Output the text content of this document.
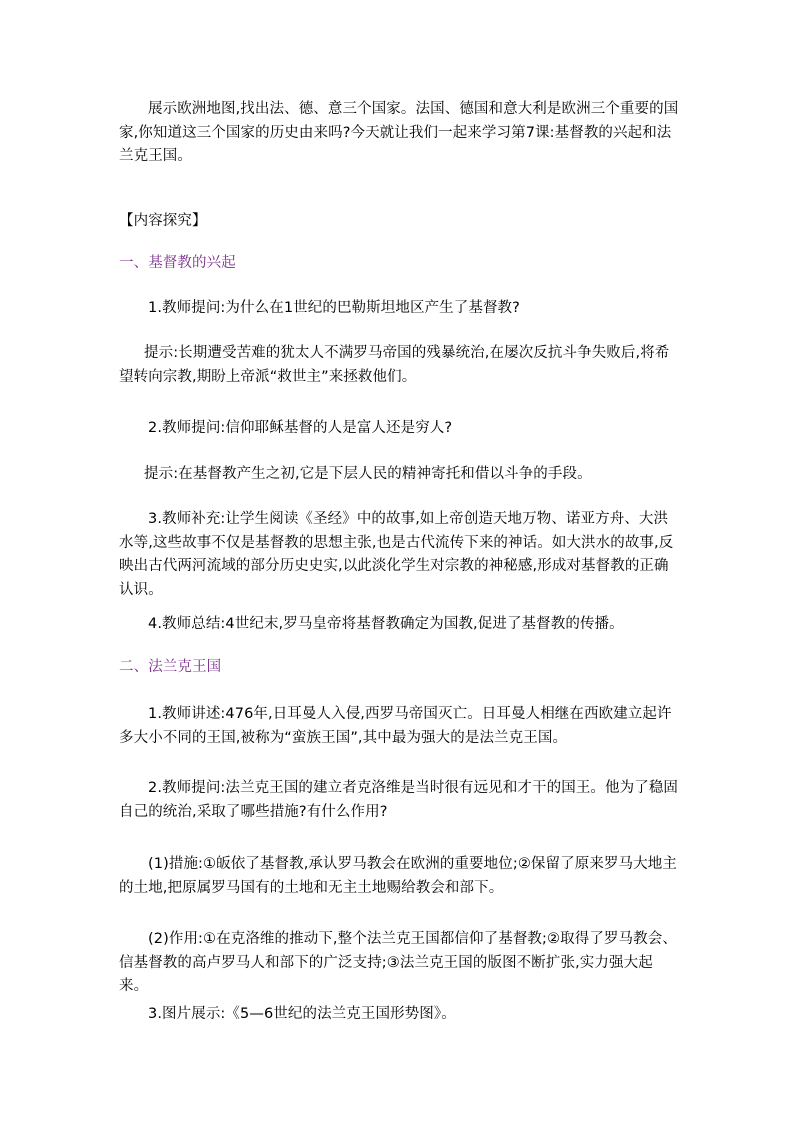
展示欧洲地图,找出法、德、意三个国家。法国、德国和意大利是欧洲三个重要的国家,你知道这三个国家的历史由来吗?今天就让我们一起来学习第7课:基督教的兴起和法兰克王国。
【内容探究】
一、基督教的兴起
1.教师提问:为什么在1世纪的巴勒斯坦地区产生了基督教?
提示:长期遭受苦难的犹太人不满罗马帝国的残暴统治,在屡次反抗斗争失败后,将希望转向宗教,期盼上帝派“救世主”来拯救他们。
2.教师提问:信仰耶稣基督的人是富人还是穷人?
提示:在基督教产生之初,它是下层人民的精神寄托和借以斗争的手段。
3.教师补充:让学生阅读《圣经》中的故事,如上帝创造天地万物、诺亚方舟、大洪水等,这些故事不仅是基督教的思想主张,也是古代流传下来的神话。如大洪水的故事,反映出古代两河流域的部分历史史实,以此淡化学生对宗教的神秘感,形成对基督教的正确认识。
4.教师总结:4世纪末,罗马皇帝将基督教确定为国教,促进了基督教的传播。
二、法兰克王国
1.教师讲述:476年,日耳曼人入侵,西罗马帝国灭亡。日耳曼人相继在西欧建立起许多大小不同的王国,被称为“蛮族王国”,其中最为强大的是法兰克王国。
2.教师提问:法兰克王国的建立者克洛维是当时很有远见和才干的国王。他为了稳固自己的统治,采取了哪些措施?有什么作用?
(1)措施:①皈依了基督教,承认罗马教会在欧洲的重要地位;②保留了原来罗马大地主的土地,把原属罗马国有的土地和无主土地赐给教会和部下。
(2)作用:①在克洛维的推动下,整个法兰克王国都信仰了基督教;②取得了罗马教会、信基督教的高卢罗马人和部下的广泛支持;③法兰克王国的版图不断扩张,实力强大起来。
3.图片展示:《5—6世纪的法兰克王国形势图》。
